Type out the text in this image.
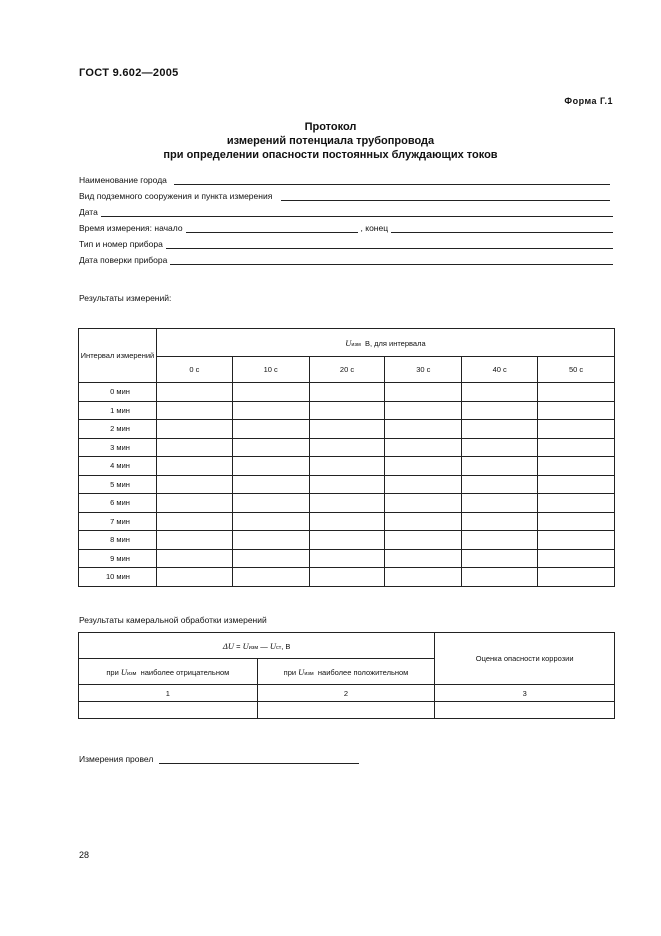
ГОСТ 9.602—2005
Форма Г.1
Протокол
измерений потенциала трубопровода
при определении опасности постоянных блуждающих токов
Наименование города
Вид подземного сооружения и пункта измерения
Дата
Время измерения: начало	, конец
Тип и номер прибора
Дата поверки прибора
Результаты измерений:
Интервал измерений	Uизм В, для интервала					
	0 с	10 с	20 с	30 с	40 с	50 с
0 мин						
1 мин						
2 мин						
3 мин						
4 мин						
5 мин						
6 мин						
7 мин						
8 мин						
9 мин						
10 мин						
Результаты камеральной обработки измерений
ΔU = Uизм — Uст, В		Оценка опасности коррозии
при Uизм наиболее отрицательном	при Uизм наиболее положительном	
1	2	3

Измерения провел
28
